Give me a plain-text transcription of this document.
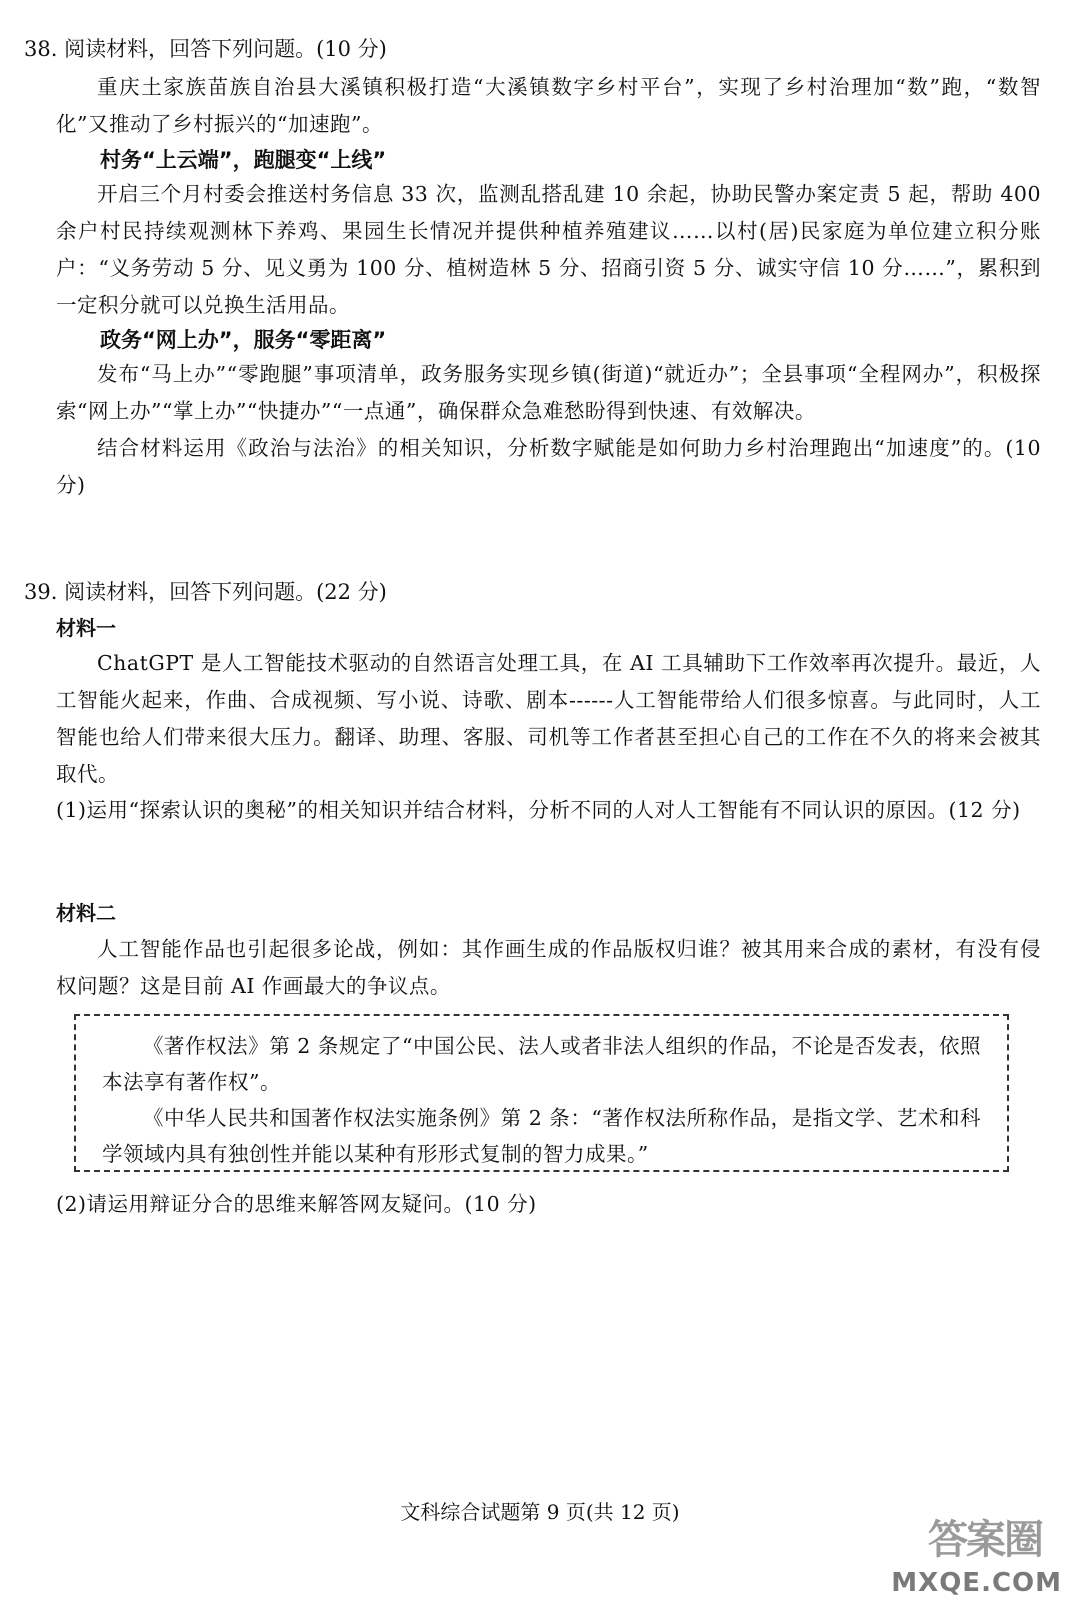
38. 阅读材料，回答下列问题。(10 分)
重庆土家族苗族自治县大溪镇积极打造“大溪镇数字乡村平台”，实现了乡村治理加“数”跑，“数智化”又推动了乡村振兴的“加速跑”。
村务“上云端”，跑腿变“上线”
开启三个月村委会推送村务信息 33 次，监测乱搭乱建 10 余起，协助民警办案定责 5 起，帮助 400 余户村民持续观测林下养鸡、果园生长情况并提供种植养殖建议……以村(居)民家庭为单位建立积分账户：“义务劳动 5 分、见义勇为 100 分、植树造林 5 分、招商引资 5 分、诚实守信 10 分……”，累积到一定积分就可以兑换生活用品。
政务“网上办”，服务“零距离”
发布“马上办”“零跑腿”事项清单，政务服务实现乡镇(街道)“就近办”；全县事项“全程网办”，积极探索“网上办”“掌上办”“快捷办”“一点通”，确保群众急难愁盼得到快速、有效解决。
结合材料运用《政治与法治》的相关知识，分析数字赋能是如何助力乡村治理跑出“加速度”的。(10 分)
39. 阅读材料，回答下列问题。(22 分)
材料一
ChatGPT 是人工智能技术驱动的自然语言处理工具，在 AI 工具辅助下工作效率再次提升。最近，人工智能火起来，作曲、合成视频、写小说、诗歌、剧本------人工智能带给人们很多惊喜。与此同时，人工智能也给人们带来很大压力。翻译、助理、客服、司机等工作者甚至担心自己的工作在不久的将来会被其取代。
(1)运用“探索认识的奥秘”的相关知识并结合材料，分析不同的人对人工智能有不同认识的原因。(12 分)
材料二
人工智能作品也引起很多论战，例如：其作画生成的作品版权归谁？被其用来合成的素材，有没有侵权问题？这是目前 AI 作画最大的争议点。

《著作权法》第 2 条规定了“中国公民、法人或者非法人组织的作品，不论是否发表，依照本法享有著作权”。

《中华人民共和国著作权法实施条例》第 2 条：“著作权法所称作品，是指文学、艺术和科学领域内具有独创性并能以某种有形形式复制的智力成果。”

(2)请运用辩证分合的思维来解答网友疑问。(10 分)
文科综合试题第 9 页(共 12 页)
答案圈
MXQE.COM
